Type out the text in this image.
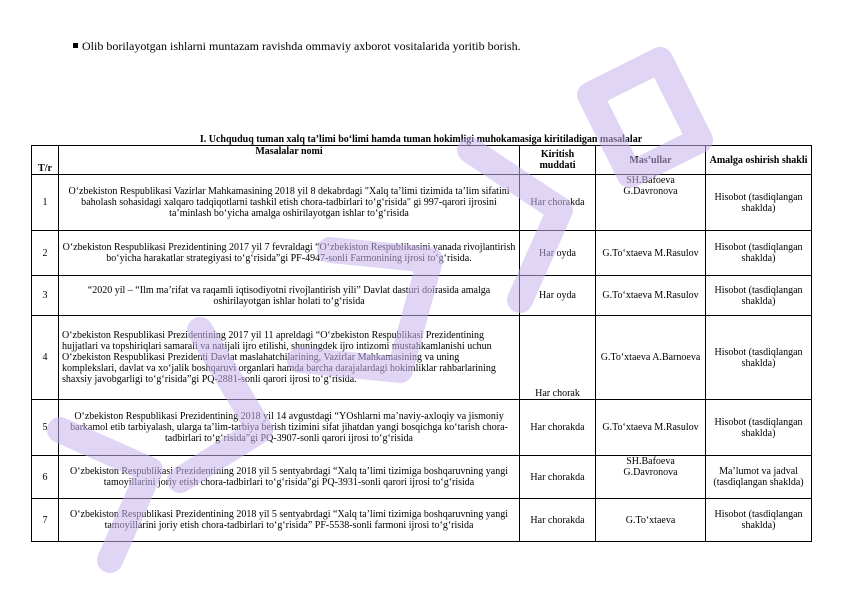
Olib borilayotgan ishlarni muntazam ravishda ommaviy axborot vositalarida yoritib borish.
I. Uchquduq tuman xalq ta’limi bo‘limi hamda tuman hokimligi muhokamasiga kiritiladigan masalalar
T/r	Masalalar nomi	Kiritish muddati	Mas’ullar	Amalga oshirish shakli
1	O‘zbekiston Respublikasi Vazirlar Mahkamasining 2018 yil 8 dekabrdagi "Xalq ta’limi tizimida ta’lim sifatini baholash sohasidagi xalqaro tadqiqotlarni tashkil etish chora-tadbirlari to‘g‘risida" gi 997-qarori ijrosini ta’minlash bo‘yicha amalga oshirilayotgan ishlar to‘g‘risida	Har chorakda	SH.Bafoeva G.Davronova	Hisobot (tasdiqlangan shaklda)
2	O‘zbekiston Respublikasi Prezidentining 2017 yil 7 fevraldagi “O‘zbekiston Respublikasini yanada rivojlantirish bo‘yicha harakatlar strategiyasi to‘g‘risida”gi PF-4947-sonli Farmonining ijrosi to‘g‘risida.	Har oyda	G.To‘xtaeva M.Rasulov	Hisobot (tasdiqlangan shaklda)
3	“2020 yil – “Ilm ma’rifat va raqamli iqtisodiyotni rivojlantirish yili” Davlat dasturi doirasida amalga oshirilayotgan ishlar holati to‘g‘risida	Har oyda	G.To‘xtaeva M.Rasulov	Hisobot (tasdiqlangan shaklda)
4	O‘zbekiston Respublikasi Prezidentining 2017 yil 11 apreldagi “O‘zbekiston Respublikasi Prezidentining hujjatlari va topshiriqlari samarali va natijali ijro etilishi, shuningdek ijro intizomi mustahkamlanishi uchun O‘zbekiston Respublikasi Prezidenti Davlat maslahatchilarining, Vazirlar Mahkamasining va uning komplekslari, davlat va xo‘jalik boshqaruvi organlari hamda barcha darajalardagi hokimliklar rahbarlarining shaxsiy javobgarligi to‘g‘risida”gi PQ-2881-sonli qarori ijrosi to‘g‘risida.	Har chorak	G.To‘xtaeva A.Barnoeva	Hisobot (tasdiqlangan shaklda)
5	O‘zbekiston Respublikasi Prezidentining 2018 yil 14 avgustdagi “YOshlarni ma’naviy-axloqiy va jismoniy barkamol etib tarbiyalash, ularga ta’lim-tarbiya berish tizimini sifat jihatdan yangi bosqichga ko‘tarish chora-tadbirlari to‘g‘risida”gi PQ-3907-sonli qarori ijrosi to‘g‘risida	Har chorakda	G.To‘xtaeva M.Rasulov	Hisobot (tasdiqlangan shaklda)
6	O‘zbekiston Respublikasi Prezidentining 2018 yil 5 sentyabrdagi “Xalq ta’limi tizimiga boshqaruvning yangi tamoyillarini joriy etish chora-tadbirlari to‘g‘risida”gi PQ-3931-sonli qarori ijrosi to‘g‘risida	Har chorakda	SH.Bafoeva G.Davronova	Ma’lumot va jadval (tasdiqlangan shaklda)
7	O‘zbekiston Respublikasi Prezidentining 2018 yil 5 sentyabrdagi “Xalq ta’limi tizimiga boshqaruvning yangi tamoyillarini joriy etish chora-tadbirlari to‘g‘risida” PF-5538-sonli farmoni ijrosi to‘g‘risida	Har chorakda	G.To‘xtaeva	Hisobot (tasdiqlangan shaklda)
